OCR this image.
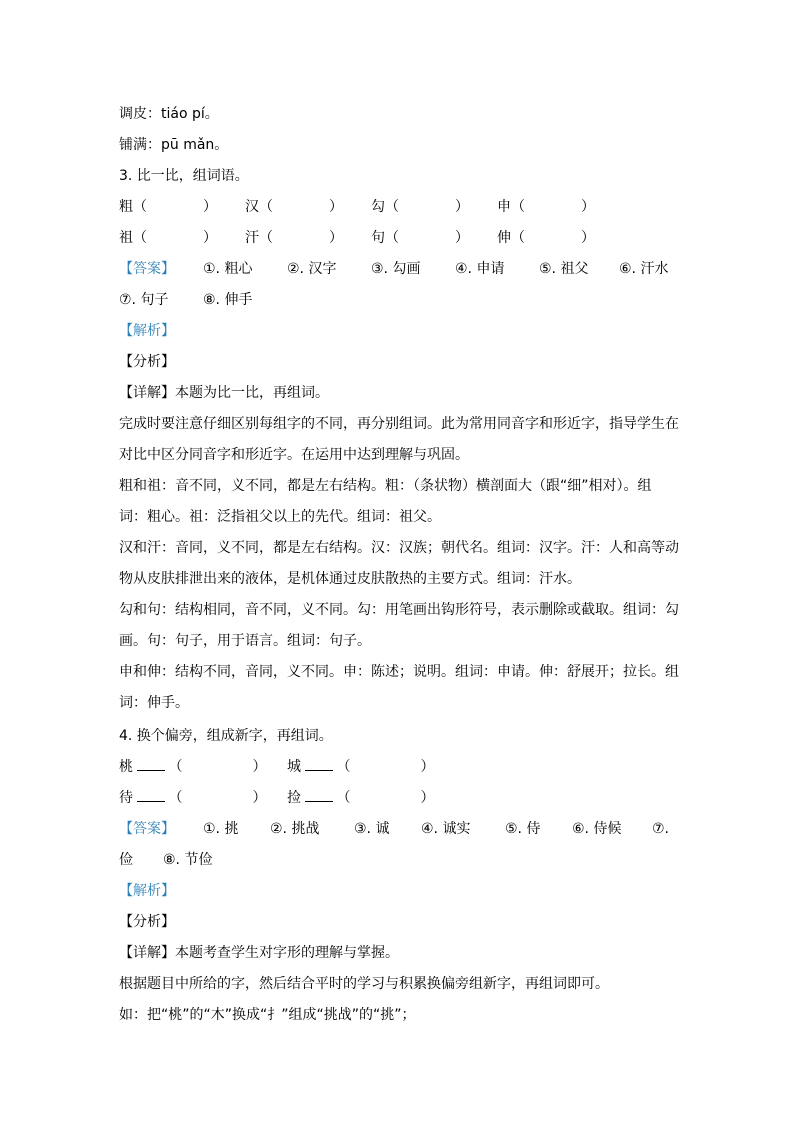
调皮：tiáo pí。
铺满：pū mǎn。
3. 比一比，组词语。
粗（　　　　） 汉（　　　　） 勾（　　　　） 申（　　　　）
祖（　　　　） 汗（　　　　） 句（　　　　） 伸（　　　　）
【答案】 ①. 粗心 ②. 汉字 ③. 勾画 ④. 申请 ⑤. 祖父 ⑥. 汗水
⑦. 句子 ⑧. 伸手
【解析】
【分析】
【详解】本题为比一比，再组词。
完成时要注意仔细区别每组字的不同，再分别组词。此为常用同音字和形近字，指导学生在
对比中区分同音字和形近字。在运用中达到理解与巩固。
粗和祖：音不同，义不同，都是左右结构。粗：（条状物）横剖面大（跟“细”相对）。组
词：粗心。祖：泛指祖父以上的先代。组词：祖父。
汉和汗：音同，义不同，都是左右结构。汉：汉族；朝代名。组词：汉字。汗：人和高等动
物从皮肤排泄出来的液体，是机体通过皮肤散热的主要方式。组词：汗水。
勾和句：结构相同，音不同，义不同。勾：用笔画出钩形符号，表示删除或截取。组词：勾
画。句：句子，用于语言。组词：句子。
申和伸：结构不同，音同，义不同。申：陈述；说明。组词：申请。伸：舒展开；拉长。组
词：伸手。
4. 换个偏旁，组成新字，再组词。
桃	（　　　　　） 城	（　　　　　）
待	（　　　　　） 捡	（　　　　　）
【答案】 ①. 挑 ②. 挑战 ③. 诚 ④. 诚实 ⑤. 侍 ⑥. 侍候 ⑦.
俭 ⑧. 节俭
【解析】
【分析】
【详解】本题考查学生对字形的理解与掌握。
根据题目中所给的字，然后结合平时的学习与积累换偏旁组新字，再组词即可。
如：把“桃”的“木”换成“扌”组成“挑战”的“挑”；
